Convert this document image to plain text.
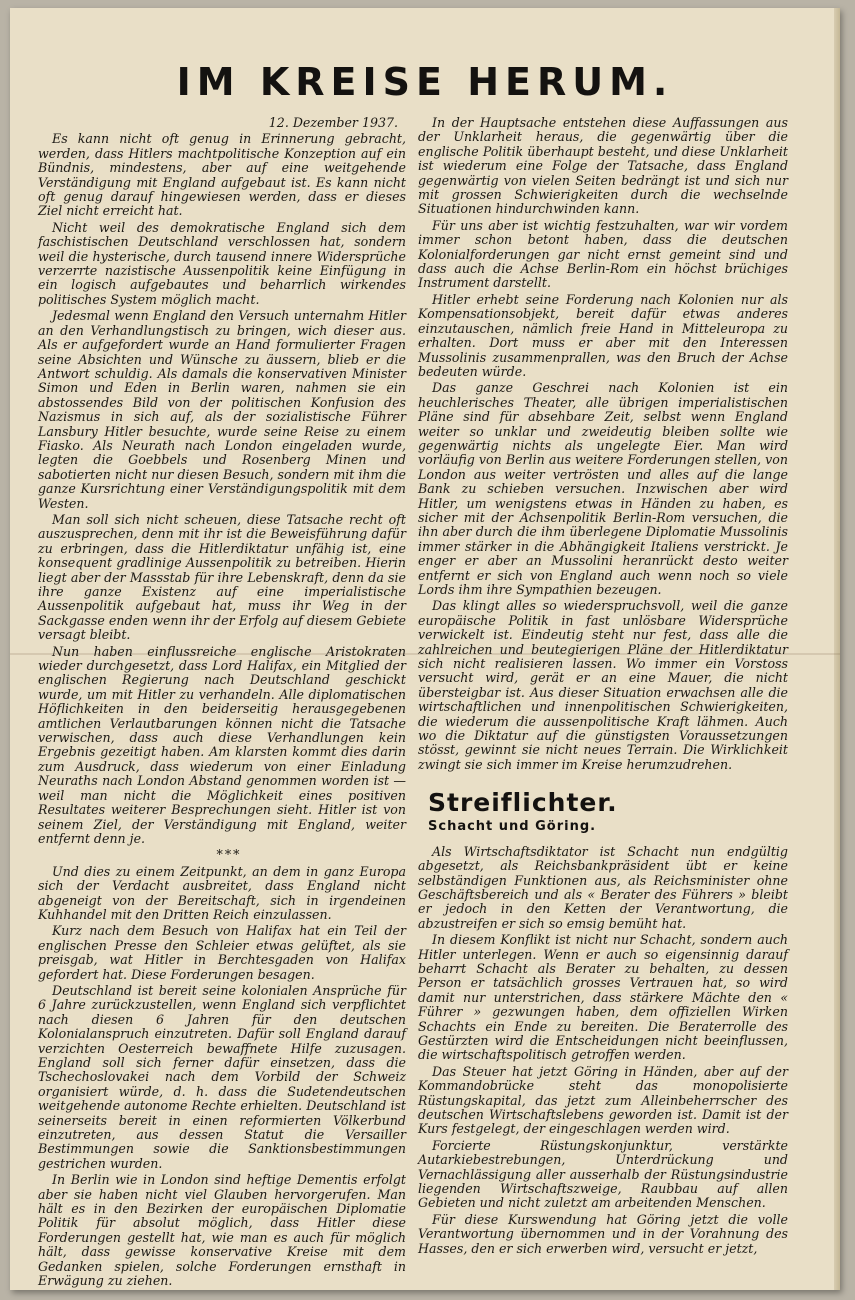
IM KREISE HERUM.

12. Dezember 1937.

Es kann nicht oft genug in Erinnerung gebracht, werden, dass Hitlers machtpolitische Konzeption auf ein Bündnis, mindestens, aber auf eine weitgehende Verständigung mit England aufgebaut ist. Es kann nicht oft genug darauf hingewiesen werden, dass er dieses Ziel nicht erreicht hat.

Nicht weil des demokratische England sich dem faschistischen Deutschland verschlossen hat, sondern weil die hysterische, durch tausend innere Widersprüche verzerrte nazistische Aussenpolitik keine Einfügung in ein logisch aufgebautes und beharrlich wirkendes politisches System möglich macht.

Jedesmal wenn England den Versuch unternahm Hitler an den Verhandlungstisch zu bringen, wich dieser aus. Als er aufgefordert wurde an Hand formulierter Fragen seine Absichten und Wünsche zu äussern, blieb er die Antwort schuldig. Als damals die konservativen Minister Simon und Eden in Berlin waren, nahmen sie ein abstossendes Bild von der politischen Konfusion des Nazismus in sich auf, als der sozialistische Führer Lansbury Hitler besuchte, wurde seine Reise zu einem Fiasko. Als Neurath nach London eingeladen wurde, legten die Goebbels und Rosenberg Minen und sabotierten nicht nur diesen Besuch, sondern mit ihm die ganze Kursrichtung einer Verständigungspolitik mit dem Westen.

Man soll sich nicht scheuen, diese Tatsache recht oft auszusprechen, denn mit ihr ist die Beweisführung dafür zu erbringen, dass die Hitlerdiktatur unfähig ist, eine konsequent gradlinige Aussenpolitik zu betreiben. Hierin liegt aber der Massstab für ihre Lebenskraft, denn da sie ihre ganze Existenz auf eine imperialistische Aussenpolitik aufgebaut hat, muss ihr Weg in der Sackgasse enden wenn ihr der Erfolg auf diesem Gebiete versagt bleibt.

Nun haben einflussreiche englische Aristokraten wieder durchgesetzt, dass Lord Halifax, ein Mitglied der englischen Regierung nach Deutschland geschickt wurde, um mit Hitler zu verhandeln. Alle diplomatischen Höflichkeiten in den beiderseitig herausgegebenen amtlichen Verlautbarungen können nicht die Tatsache verwischen, dass auch diese Verhandlungen kein Ergebnis gezeitigt haben. Am klarsten kommt dies darin zum Ausdruck, dass wiederum von einer Einladung Neuraths nach London Abstand genommen worden ist — weil man nicht die Möglichkeit eines positiven Resultates weiterer Besprechungen sieht. Hitler ist von seinem Ziel, der Verständigung mit England, weiter entfernt denn je.

***

Und dies zu einem Zeitpunkt, an dem in ganz Europa sich der Verdacht ausbreitet, dass England nicht abgeneigt von der Bereitschaft, sich in irgendeinen Kuhhandel mit den Dritten Reich einzulassen.

Kurz nach dem Besuch von Halifax hat ein Teil der englischen Presse den Schleier etwas gelüftet, als sie preisgab, wat Hitler in Berchtesgaden von Halifax gefordert hat. Diese Forderungen besagen.

Deutschland ist bereit seine kolonialen Ansprüche für 6 Jahre zurückzustellen, wenn England sich verpflichtet nach diesen 6 Jahren für den deutschen Kolonialanspruch einzutreten. Dafür soll England darauf verzichten Oesterreich bewaffnete Hilfe zuzusagen. England soll sich ferner dafür einsetzen, dass die Tschechoslovakei nach dem Vorbild der Schweiz organisiert würde, d. h. dass die Sudetendeutschen weitgehende autonome Rechte erhielten. Deutschland ist seinerseits bereit in einen reformierten Völkerbund einzutreten, aus dessen Statut die Versailler Bestimmungen sowie die Sanktionsbestimmungen gestrichen wurden.

In Berlin wie in London sind heftige Dementis erfolgt aber sie haben nicht viel Glauben hervorgerufen. Man hält es in den Bezirken der europäischen Diplomatie Politik für absolut möglich, dass Hitler diese Forderungen gestellt hat, wie man es auch für möglich hält, dass gewisse konservative Kreise mit dem Gedanken spielen, solche Forderungen ernsthaft in Erwägung zu ziehen.

In der Hauptsache entstehen diese Auffassungen aus der Unklarheit heraus, die gegenwärtig über die englische Politik überhaupt besteht, und diese Unklarheit ist wiederum eine Folge der Tatsache, dass England gegenwärtig von vielen Seiten bedrängt ist und sich nur mit grossen Schwierigkeiten durch die wechselnde Situationen hindurchwinden kann.

Für uns aber ist wichtig festzuhalten, war wir vordem immer schon betont haben, dass die deutschen Kolonialforderungen gar nicht ernst gemeint sind und dass auch die Achse Berlin-Rom ein höchst brüchiges Instrument darstellt.

Hitler erhebt seine Forderung nach Kolonien nur als Kompensationsobjekt, bereit dafür etwas anderes einzutauschen, nämlich freie Hand in Mitteleuropa zu erhalten. Dort muss er aber mit den Interessen Mussolinis zusammenprallen, was den Bruch der Achse bedeuten würde.

Das ganze Geschrei nach Kolonien ist ein heuchlerisches Theater, alle übrigen imperialistischen Pläne sind für absehbare Zeit, selbst wenn England weiter so unklar und zweideutig bleiben sollte wie gegenwärtig nichts als ungelegte Eier. Man wird vorläufig von Berlin aus weitere Forderungen stellen, von London aus weiter vertrösten und alles auf die lange Bank zu schieben versuchen. Inzwischen aber wird Hitler, um wenigstens etwas in Händen zu haben, es sicher mit der Achsenpolitik Berlin-Rom versuchen, die ihn aber durch die ihm überlegene Diplomatie Mussolinis immer stärker in die Abhängigkeit Italiens verstrickt. Je enger er aber an Mussolini heranrückt desto weiter entfernt er sich von England auch wenn noch so viele Lords ihm ihre Sympathien bezeugen.

Das klingt alles so wiederspruchsvoll, weil die ganze europäische Politik in fast unlösbare Widersprüche verwickelt ist. Eindeutig steht nur fest, dass alle die zahlreichen und beutegierigen Pläne der Hitlerdiktatur sich nicht realisieren lassen. Wo immer ein Vorstoss versucht wird, gerät er an eine Mauer, die nicht übersteigbar ist. Aus dieser Situation erwachsen alle die wirtschaftlichen und innenpolitischen Schwierigkeiten, die wiederum die aussenpolitische Kraft lähmen. Auch wo die Diktatur auf die günstigsten Voraussetzungen stösst, gewinnt sie nicht neues Terrain. Die Wirklichkeit zwingt sie sich immer im Kreise herumzudrehen.

Streiflichter.
Schacht und Göring.

Als Wirtschaftsdiktator ist Schacht nun endgültig abgesetzt, als Reichsbankpräsident übt er keine selbständigen Funktionen aus, als Reichsminister ohne Geschäftsbereich und als « Berater des Führers » bleibt er jedoch in den Ketten der Verantwortung, die abzustreifen er sich so emsig bemüht hat.

In diesem Konflikt ist nicht nur Schacht, sondern auch Hitler unterlegen. Wenn er auch so eigensinnig darauf beharrt Schacht als Berater zu behalten, zu dessen Person er tatsächlich grosses Vertrauen hat, so wird damit nur unterstrichen, dass stärkere Mächte den « Führer » gezwungen haben, dem offiziellen Wirken Schachts ein Ende zu bereiten. Die Beraterrolle des Gestürzten wird die Entscheidungen nicht beeinflussen, die wirtschaftspolitisch getroffen werden.

Das Steuer hat jetzt Göring in Händen, aber auf der Kommandobrücke steht das monopolisierte Rüstungskapital, das jetzt zum Alleinbeherrscher des deutschen Wirtschaftslebens geworden ist. Damit ist der Kurs festgelegt, der eingeschlagen werden wird.

Forcierte Rüstungskonjunktur, verstärkte Autarkiebestrebungen, Unterdrückung und Vernachlässigung aller ausserhalb der Rüstungsindustrie liegenden Wirtschaftszweige, Raubbau auf allen Gebieten und nicht zuletzt am arbeitenden Menschen.

Für diese Kurswendung hat Göring jetzt die volle Verantwortung übernommen und in der Vorahnung des Hasses, den er sich erwerben wird, versucht er jetzt,
